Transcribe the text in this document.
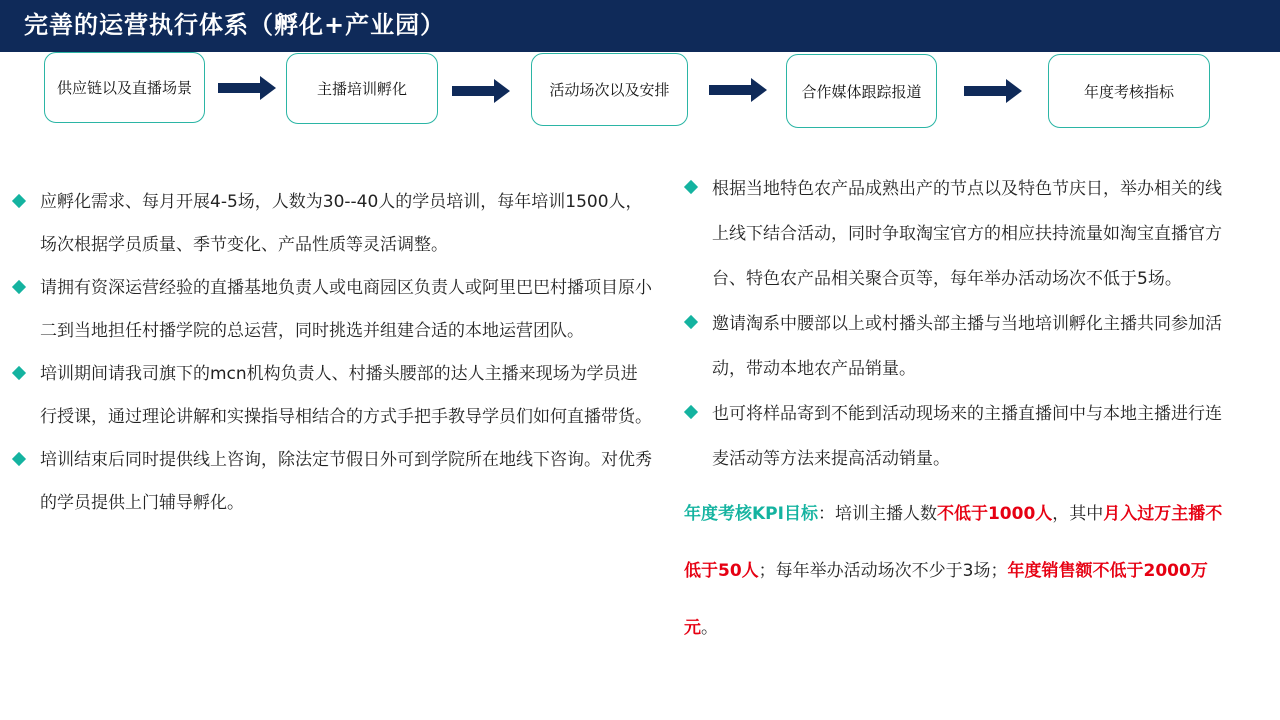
完善的运营执行体系（孵化+产业园）
供应链以及直播场景	主播培训孵化	活动场次以及安排	合作媒体跟踪报道	年度考核指标
应孵化需求、每月开展4-5场，人数为30--40人的学员培训，每年培训1500人，场次根据学员质量、季节变化、产品性质等灵活调整。
请拥有资深运营经验的直播基地负责人或电商园区负责人或阿里巴巴村播项目原小二到当地担任村播学院的总运营，同时挑选并组建合适的本地运营团队。
培训期间请我司旗下的mcn机构负责人、村播头腰部的达人主播来现场为学员进行授课，通过理论讲解和实操指导相结合的方式手把手教导学员们如何直播带货。
培训结束后同时提供线上咨询，除法定节假日外可到学院所在地线下咨询。对优秀的学员提供上门辅导孵化。
根据当地特色农产品成熟出产的节点以及特色节庆日，举办相关的线上线下结合活动，同时争取淘宝官方的相应扶持流量如淘宝直播官方台、特色农产品相关聚合页等，每年举办活动场次不低于5场。
邀请淘系中腰部以上或村播头部主播与当地培训孵化主播共同参加活动，带动本地农产品销量。
也可将样品寄到不能到活动现场来的主播直播间中与本地主播进行连麦活动等方法来提高活动销量。
年度考核KPI目标：培训主播人数不低于1000人，其中月入过万主播不低于50人；每年举办活动场次不少于3场；年度销售额不低于2000万元。
